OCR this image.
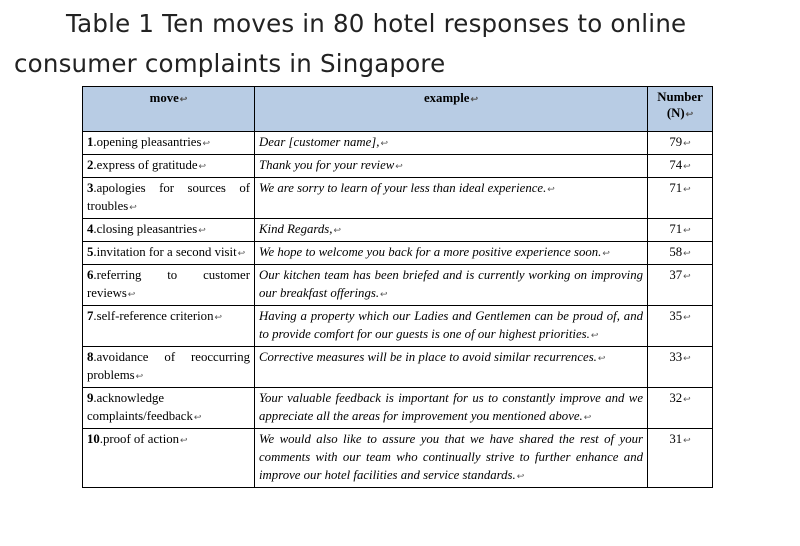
Table 1 Ten moves in 80 hotel responses to online consumer complaints in Singapore
move↩	example↩	Number (N)↩
1.opening pleasantries↩	Dear [customer name],↩	79↩
2.express of gratitude↩	Thank you for your review↩	74↩
3.apologies for sources of troubles↩	We are sorry to learn of your less than ideal experience.↩	71↩
4.closing pleasantries↩	Kind Regards,↩	71↩
5.invitation for a second visit↩	We hope to welcome you back for a more positive experience soon.↩	58↩
6.referring to customer reviews↩	Our kitchen team has been briefed and is currently working on improving our breakfast offerings.↩	37↩
7.self-reference criterion↩	Having a property which our Ladies and Gentlemen can be proud of, and to provide comfort for our guests is one of our highest priorities.↩	35↩
8.avoidance of reoccurring problems↩	Corrective measures will be in place to avoid similar recurrences.↩	33↩
9.acknowledge complaints/feedback↩	Your valuable feedback is important for us to constantly improve and we appreciate all the areas for improvement you mentioned above.↩	32↩
10.proof of action↩	We would also like to assure you that we have shared the rest of your comments with our team who continually strive to further enhance and improve our hotel facilities and service standards.↩	31↩
